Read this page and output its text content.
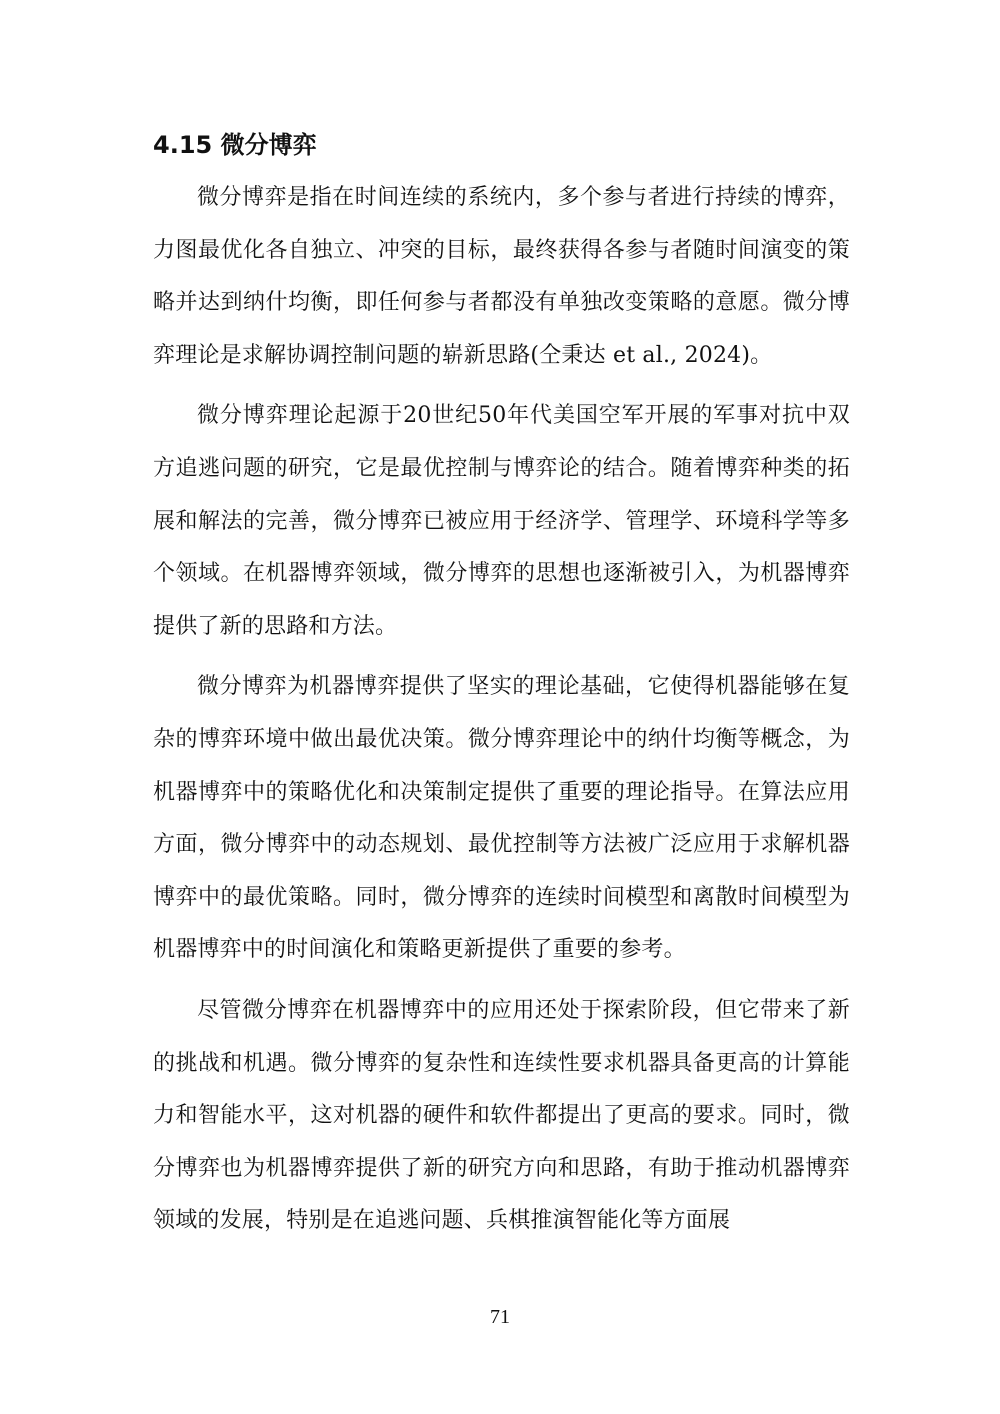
4.15 微分博弈

微分博弈是指在时间连续的系统内，多个参与者进行持续的博弈，力图最优化各自独立、冲突的目标，最终获得各参与者随时间演变的策略并达到纳什均衡，即任何参与者都没有单独改变策略的意愿。微分博弈理论是求解协调控制问题的崭新思路(仝秉达 et al., 2024)。

微分博弈理论起源于20世纪50年代美国空军开展的军事对抗中双方追逃问题的研究，它是最优控制与博弈论的结合。随着博弈种类的拓展和解法的完善，微分博弈已被应用于经济学、管理学、环境科学等多个领域。在机器博弈领域，微分博弈的思想也逐渐被引入，为机器博弈提供了新的思路和方法。

微分博弈为机器博弈提供了坚实的理论基础，它使得机器能够在复杂的博弈环境中做出最优决策。微分博弈理论中的纳什均衡等概念，为机器博弈中的策略优化和决策制定提供了重要的理论指导。在算法应用方面，微分博弈中的动态规划、最优控制等方法被广泛应用于求解机器博弈中的最优策略。同时，微分博弈的连续时间模型和离散时间模型为机器博弈中的时间演化和策略更新提供了重要的参考。

尽管微分博弈在机器博弈中的应用还处于探索阶段，但它带来了新的挑战和机遇。微分博弈的复杂性和连续性要求机器具备更高的计算能力和智能水平，这对机器的硬件和软件都提出了更高的要求。同时，微分博弈也为机器博弈提供了新的研究方向和思路，有助于推动机器博弈领域的发展，特别是在追逃问题、兵棋推演智能化等方面展

71
